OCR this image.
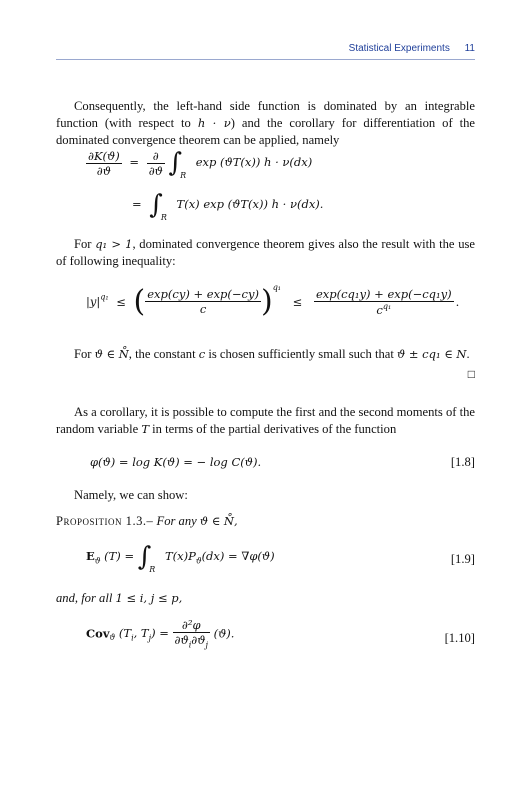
Statistical Experiments 11
Consequently, the left-hand side function is dominated by an integrable function (with respect to h · ν) and the corollary for differentiation of the dominated convergence theorem can be applied, namely
$\frac{\partial K(ϑ)}{\partial ϑ} = \frac{\partial}{\partial ϑ} \int_R$ exp (ϑT(x)) h · ν(dx)
= $\int_R$ T(x) exp (ϑT(x)) h · ν(dx).
For q₁ > 1, dominated convergence theorem gives also the result with the use of following inequality:
$|y|^{q_1}$ ≤ ( $\frac{\exp(cy) + \exp(-cy)}{c} )^{q_1} \le \frac{\text{exp(cq₁y) + exp(−cq₁y)}}{c^{q_1}}$ .
For ϑ ∈ N̊, the constant c is chosen sufficiently small such that ϑ ± cq₁ ∈ N.
□
As a corollary, it is possible to compute the first and the second moments of the random variable T in terms of the partial derivatives of the function
φ(ϑ) = log K(ϑ) = − log C(ϑ).	[1.8]
Namely, we can show:
Proposition 1.3.– For any ϑ ∈ N̊,
$E_ϑ$ $(T) = \int_R$ $T(x)P_ϑ(dx) = \nabla\varphi(ϑ)$	[1.9]
and, for all 1 ≤ i, j ≤ p,
Cov$_ϑ$ ($T_i$, $T_j) = \frac{\text{∂²φ}}{\partial ϑ_i\partial ϑ_j} (ϑ)$.	[1.10]
